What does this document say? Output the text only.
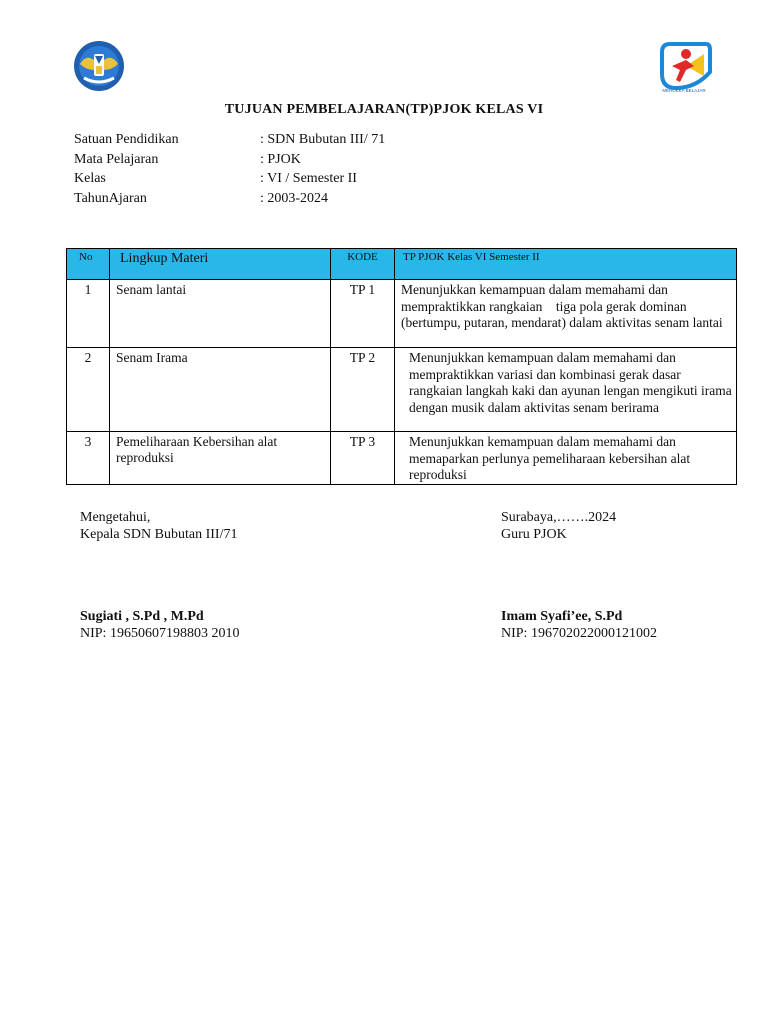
MERDEKA BELAJAR
TUJUAN PEMBELAJARAN(TP)PJOK KELAS VI
Satuan Pendidikan	: SDN Bubutan III/ 71
Mata Pelajaran	: PJOK
Kelas	: VI / Semester II
TahunAjaran	: 2003-2024
No	Lingkup Materi	KODE	TP PJOK Kelas VI Semester II
1	Senam lantai	TP 1	Menunjukkan kemampuan dalam memahami dan mempraktikkan rangkaian    tiga pola gerak dominan (bertumpu, putaran, mendarat) dalam aktivitas senam lantai
2	Senam Irama	TP 2	Menunjukkan kemampuan dalam memahami dan mempraktikkan variasi dan kombinasi gerak dasar rangkaian langkah kaki dan ayunan lengan mengikuti irama dengan musik dalam aktivitas senam berirama
3	Pemeliharaan Kebersihan alat reproduksi	TP 3	Menunjukkan kemampuan dalam memahami dan memaparkan perlunya pemeliharaan kebersihan alat reproduksi
Mengetahui,
Kepala SDN Bubutan III/71
Sugiati , S.Pd , M.Pd
NIP: 19650607198803 2010
Surabaya,…….2024
Guru PJOK
Imam Syafi’ee, S.Pd
NIP: 196702022000121002
